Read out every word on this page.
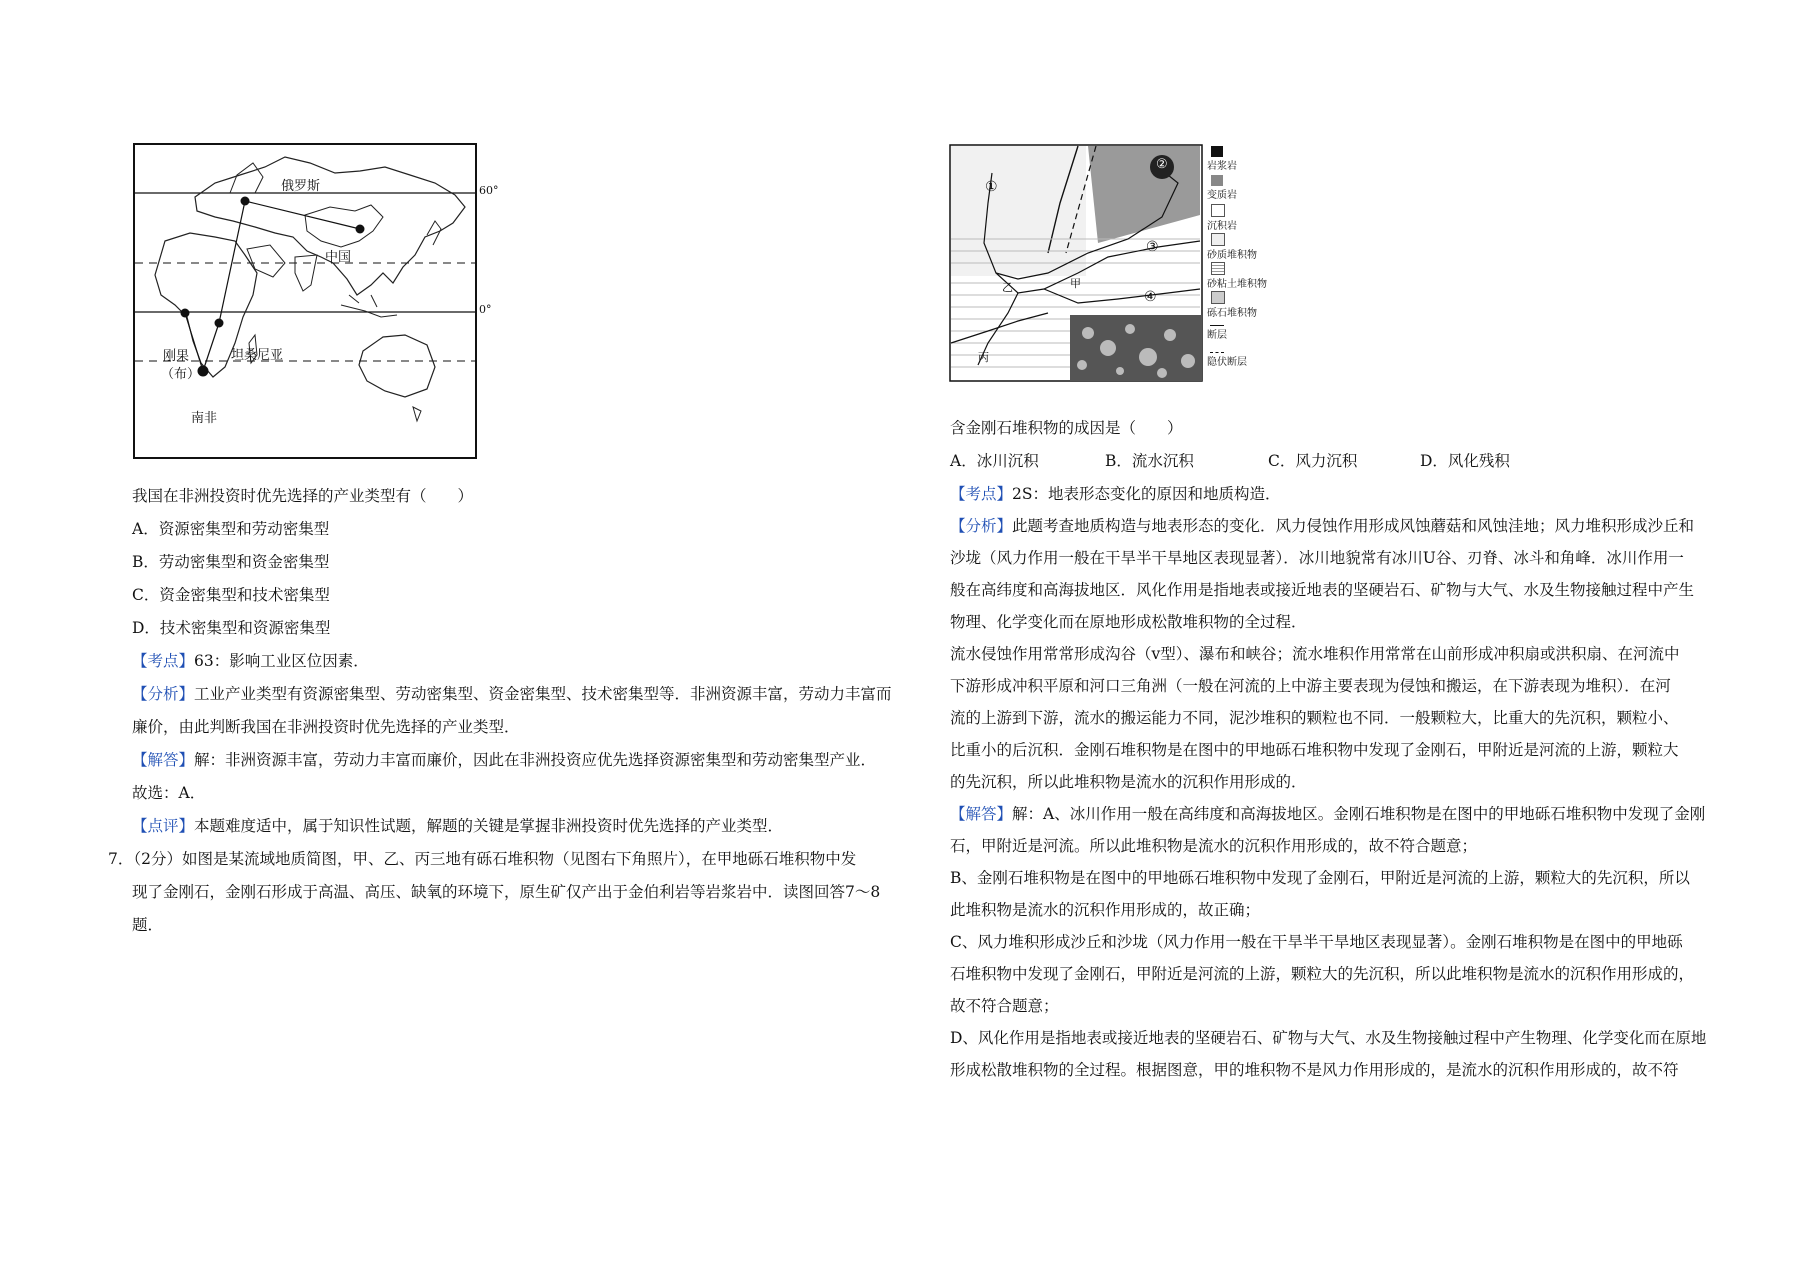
俄罗斯
中国
刚果
（布）
坦桑尼亚
南非
60°
0°
①
②
③
④
甲
乙
丙
岩浆岩
变质岩
沉积岩
砂质堆积物
砂粘土堆积物
砾石堆积物
断层
隐伏断层
我国在非洲投资时优先选择的产业类型有（　　）
A．资源密集型和劳动密集型
B．劳动密集型和资金密集型
C．资金密集型和技术密集型
D．技术密集型和资源密集型
【考点】63：影响工业区位因素．
【分析】工业产业类型有资源密集型、劳动密集型、资金密集型、技术密集型等．非洲资源丰富，劳动力丰富而
廉价，由此判断我国在非洲投资时优先选择的产业类型．
【解答】解：非洲资源丰富，劳动力丰富而廉价，因此在非洲投资应优先选择资源密集型和劳动密集型产业．
故选：A．
【点评】本题难度适中，属于知识性试题，解题的关键是掌握非洲投资时优先选择的产业类型．
7．（2分）如图是某流域地质简图，甲、乙、丙三地有砾石堆积物（见图右下角照片），在甲地砾石堆积物中发
现了金刚石，金刚石形成于高温、高压、缺氧的环境下，原生矿仅产出于金伯利岩等岩浆岩中．读图回答7～8
题．
含金刚石堆积物的成因是（　　）
A．冰川沉积	B．流水沉积	C．风力沉积	D．风化残积
【考点】2S：地表形态变化的原因和地质构造．
【分析】此题考查地质构造与地表形态的变化．风力侵蚀作用形成风蚀蘑菇和风蚀洼地；风力堆积形成沙丘和
沙垅（风力作用一般在干旱半干旱地区表现显著）．冰川地貌常有冰川U谷、刃脊、冰斗和角峰．冰川作用一
般在高纬度和高海拔地区．风化作用是指地表或接近地表的坚硬岩石、矿物与大气、水及生物接触过程中产生
物理、化学变化而在原地形成松散堆积物的全过程．
流水侵蚀作用常常形成沟谷（v型）、瀑布和峡谷；流水堆积作用常常在山前形成冲积扇或洪积扇、在河流中
下游形成冲积平原和河口三角洲（一般在河流的上中游主要表现为侵蚀和搬运，在下游表现为堆积）．在河
流的上游到下游，流水的搬运能力不同，泥沙堆积的颗粒也不同．一般颗粒大，比重大的先沉积，颗粒小、
比重小的后沉积．金刚石堆积物是在图中的甲地砾石堆积物中发现了金刚石，甲附近是河流的上游，颗粒大
的先沉积，所以此堆积物是流水的沉积作用形成的．
【解答】解：A、冰川作用一般在高纬度和高海拔地区。金刚石堆积物是在图中的甲地砾石堆积物中发现了金刚
石，甲附近是河流。所以此堆积物是流水的沉积作用形成的，故不符合题意；
B、金刚石堆积物是在图中的甲地砾石堆积物中发现了金刚石，甲附近是河流的上游，颗粒大的先沉积，所以
此堆积物是流水的沉积作用形成的，故正确；
C、风力堆积形成沙丘和沙垅（风力作用一般在干旱半干旱地区表现显著）。金刚石堆积物是在图中的甲地砾
石堆积物中发现了金刚石，甲附近是河流的上游，颗粒大的先沉积，所以此堆积物是流水的沉积作用形成的，
故不符合题意；
D、风化作用是指地表或接近地表的坚硬岩石、矿物与大气、水及生物接触过程中产生物理、化学变化而在原地
形成松散堆积物的全过程。根据图意，甲的堆积物不是风力作用形成的，是流水的沉积作用形成的，故不符
